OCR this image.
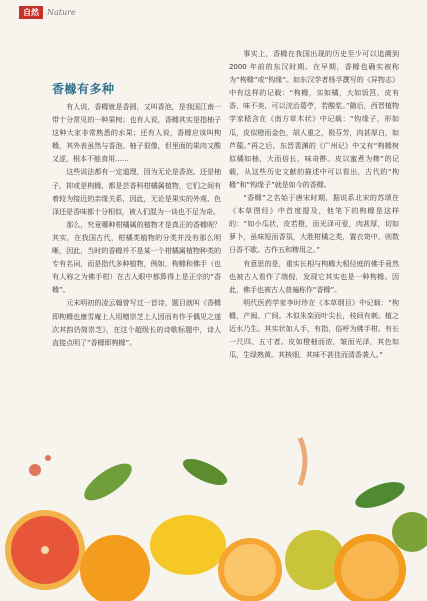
自然	Nature
香橼有多种

有人说，香橼就是香圆，又叫香泡，是我国江南一带十分常见的一种果树；也有人说，香橼其实是指柚子这种大家非常熟悉的水果；还有人说，香橼应该叫枸橼，其外表虽然与香泡、柚子很像，但里面的果肉又酸又涩，根本不能食用……

这些说法都有一定道理，因为无论是香泡、还是柚子，抑或是枸橼，都是芸香科柑橘属植物，它们之间有着较为接近的亲缘关系，因此，无论是果实的外观、色泽还是香味都十分相似，被人们混为一谈也不足为奇。

那么，究竟哪种柑橘属的植物才是真正的香橼呢？其实，在我国古代，柑橘类植物的分类并没有那么明晰，因此，当时的香橼并不是某一个柑橘属植物种类的专有名词，而是指代多种植物，例如，枸橼和佛手（也有人称之为佛手柑）在古人眼中都算得上是正宗的“香橼”。

元末明初的凌云翰曾写过一首诗，题目就叫《香橼即枸橼也康雪庵上人用赠崇芝上人因而有作予偶见之遂次其韵仍简崇芝》，在这个超级长的诗歌标题中，诗人直接点明了“香橼即枸橼”。

事实上，香橼在我国出现的历史至少可以追溯到 2000 年前的东汉时期。在早期，香橼也确实被称为“枸橼”或“钩缘”。如东汉学者杨孚撰写的《异物志》中有这样的记载：“枸橼，实如橘，大如饭筥，皮有香，味不美，可以浣治葛苧，若酸浆。”随后，西晋植物学家嵇含在《南方草木状》中记载：“钩缘子，形如瓜，皮似橙而金色，胡人重之，极芬芳，肉甚厚白，如芦菔。”再之后，东晋裴渊的《广州记》中又有“枸橼树似橘如柚，大而倍长，味奇酢。皮以蜜煮为糁”的记载，从这些历史文献的描述中可以看出，古代的“枸橼”和“钩缘子”就是如今的香橼。

“香橼”之名始于唐宋时期，据说系北宋的苏颂在《本草图经》中首度提及，他笔下的枸橼是这样的：“如小瓜状，皮若橙，而光泽可爱，肉甚厚，切如萝卜，虽味短而香氛，大胜柑橘之类，置衣笥中，则数日香不歇。古作五和糁用之。”

有意思的是，重实长相与枸橼大相径庭的佛手竟然也被古人看作了端倪，发现它其实也是一种枸橼。因此，佛手也被古人普遍称作“香橼”。

明代医药学家李时珍在《本草纲目》中记载：“枸橼，产闽、广间。木似朱栾而叶尖长，枝间有刺。植之近水乃生。其实状如人手，有指，俗呼为佛手柑。有长一尺四、五寸者。皮如橙柚而浓，皱而光泽，其色如瓜，生绿熟黄。其核细，其味不甚佳而清香袭人。”
